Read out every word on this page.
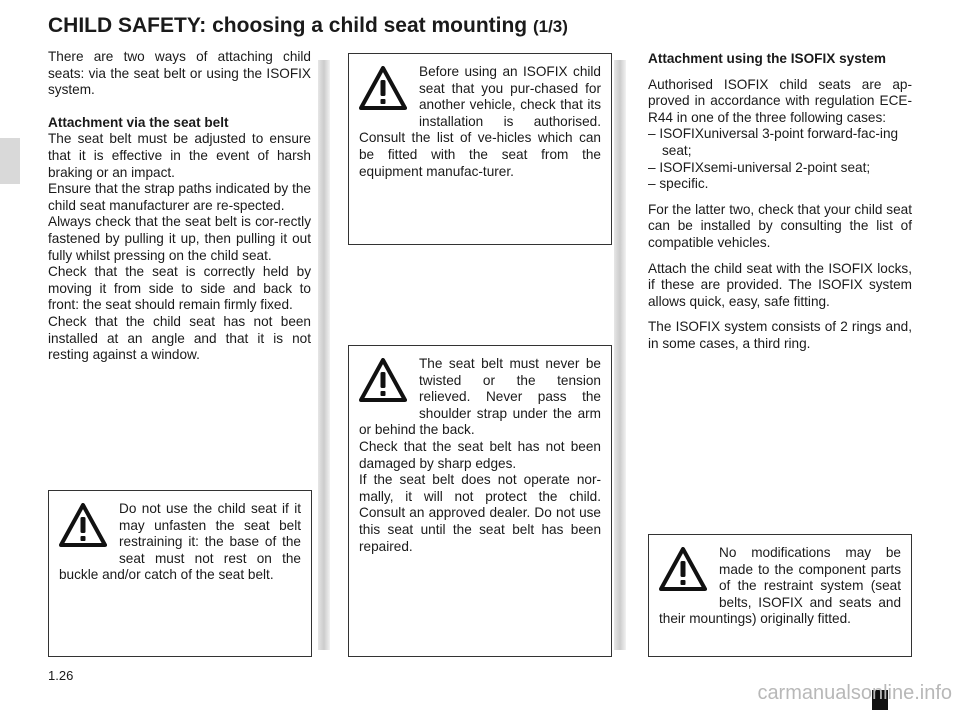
CHILD SAFETY: choosing a child seat mounting (1/3)

There are two ways of attaching child seats: via the seat belt or using the ISOFIX system.

Attachment via the seat belt

The seat belt must be adjusted to ensure that it is effective in the event of harsh braking or an impact.

Ensure that the strap paths indicated by the child seat manufacturer are re-spected.

Always check that the seat belt is cor-rectly fastened by pulling it up, then pulling it out fully whilst pressing on the child seat.

Check that the seat is correctly held by moving it from side to side and back to front: the seat should remain firmly fixed.

Check that the child seat has not been installed at an angle and that it is not resting against a window.

Before using an ISOFIX child seat that you pur-chased for another vehicle, check that its installation is authorised. Consult the list of ve-hicles which can be fitted with the seat from the equipment manufac-turer.

The seat belt must never be twisted or the tension relieved. Never pass the shoulder strap under the arm or behind the back.

Check that the seat belt has not been damaged by sharp edges.

If the seat belt does not operate nor-mally, it will not protect the child. Consult an approved dealer. Do not use this seat until the seat belt has been repaired.

Do not use the child seat if it may unfasten the seat belt restraining it: the base of the seat must not rest on the buckle and/or catch of the seat belt.

Attachment using the ISOFIX system

Authorised ISOFIX child seats are ap-proved in accordance with regulation ECE-R44 in one of the three following cases:

– ISOFIXuniversal 3-point forward-fac-ing seat;

– ISOFIXsemi-universal 2-point seat;

– specific.

For the latter two, check that your child seat can be installed by consulting the list of compatible vehicles.

Attach the child seat with the ISOFIX locks, if these are provided. The ISOFIX system allows quick, easy, safe fitting.

The ISOFIX system consists of 2 rings and, in some cases, a third ring.

No modifications may be made to the component parts of the restraint system (seat belts, ISOFIX and seats and their mountings) originally fitted.

1.26
carmanualsonline.info
